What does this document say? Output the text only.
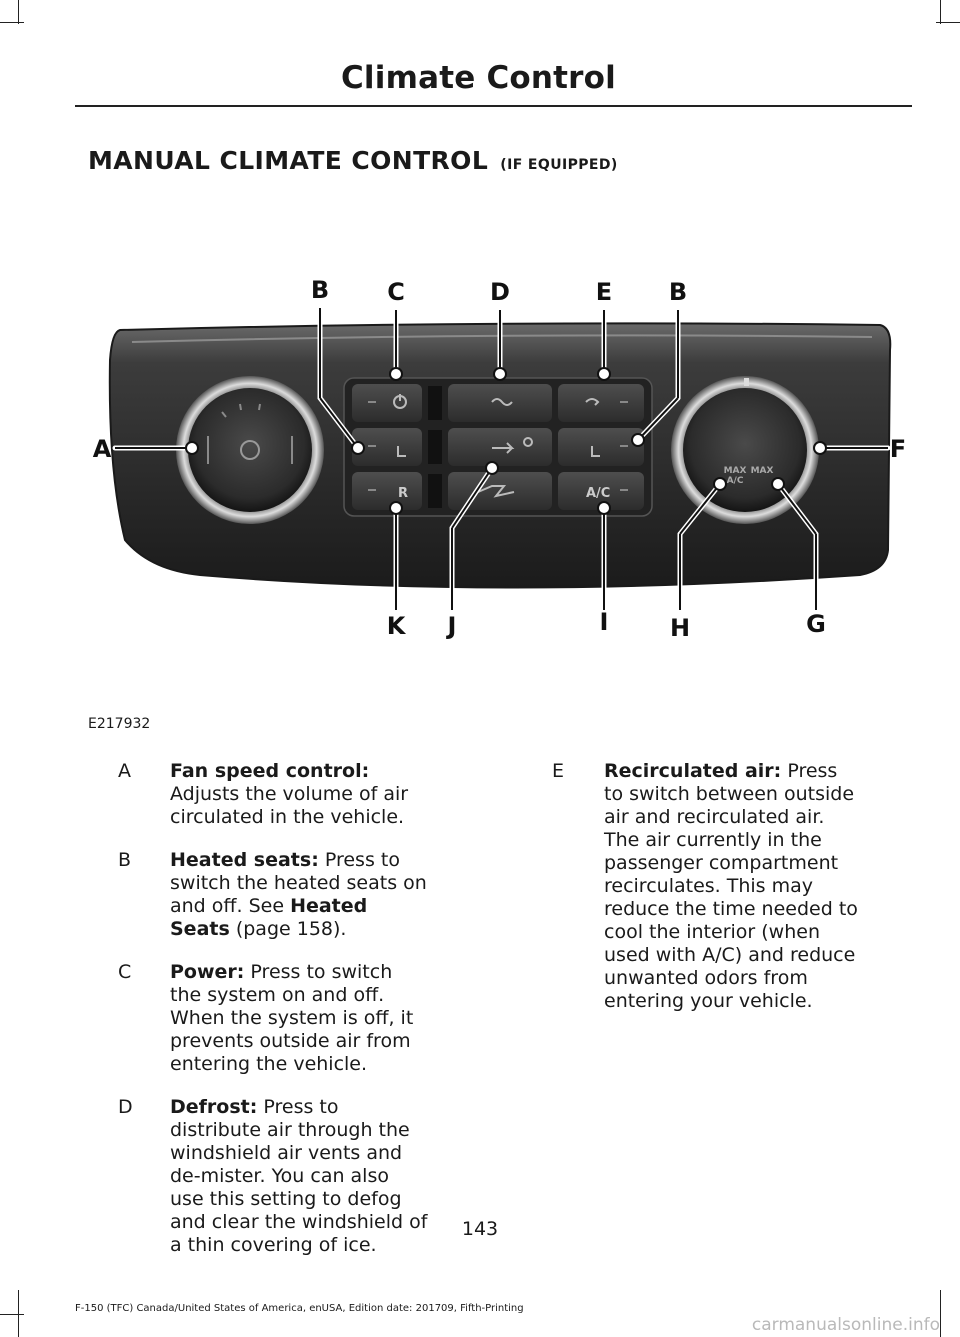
Climate Control
MANUAL CLIMATE CONTROL (IF EQUIPPED)
MAX
A/C
MAX
R	A/C
A
B C	D	E B
F
G
H
I
J
K
E217932
A Fan speed control: Adjusts the volume of air circulated in the vehicle.
B Heated seats: Press to switch the heated seats on and off. See Heated Seats (page 158).
C Power: Press to switch the system on and off. When the system is off, it prevents outside air from entering the vehicle.
D Defrost: Press to distribute air through the windshield air vents and de-mister. You can also use this setting to defog and clear the windshield of a thin covering of ice.
E Recirculated air: Press to switch between outside air and recirculated air. The air currently in the passenger compartment recirculates. This may reduce the time needed to cool the interior (when used with A/C) and reduce unwanted odors from entering your vehicle.
143
F-150 (TFC) Canada/United States of America, enUSA, Edition date: 201709, Fifth-Printing
carmanualsonline.info
